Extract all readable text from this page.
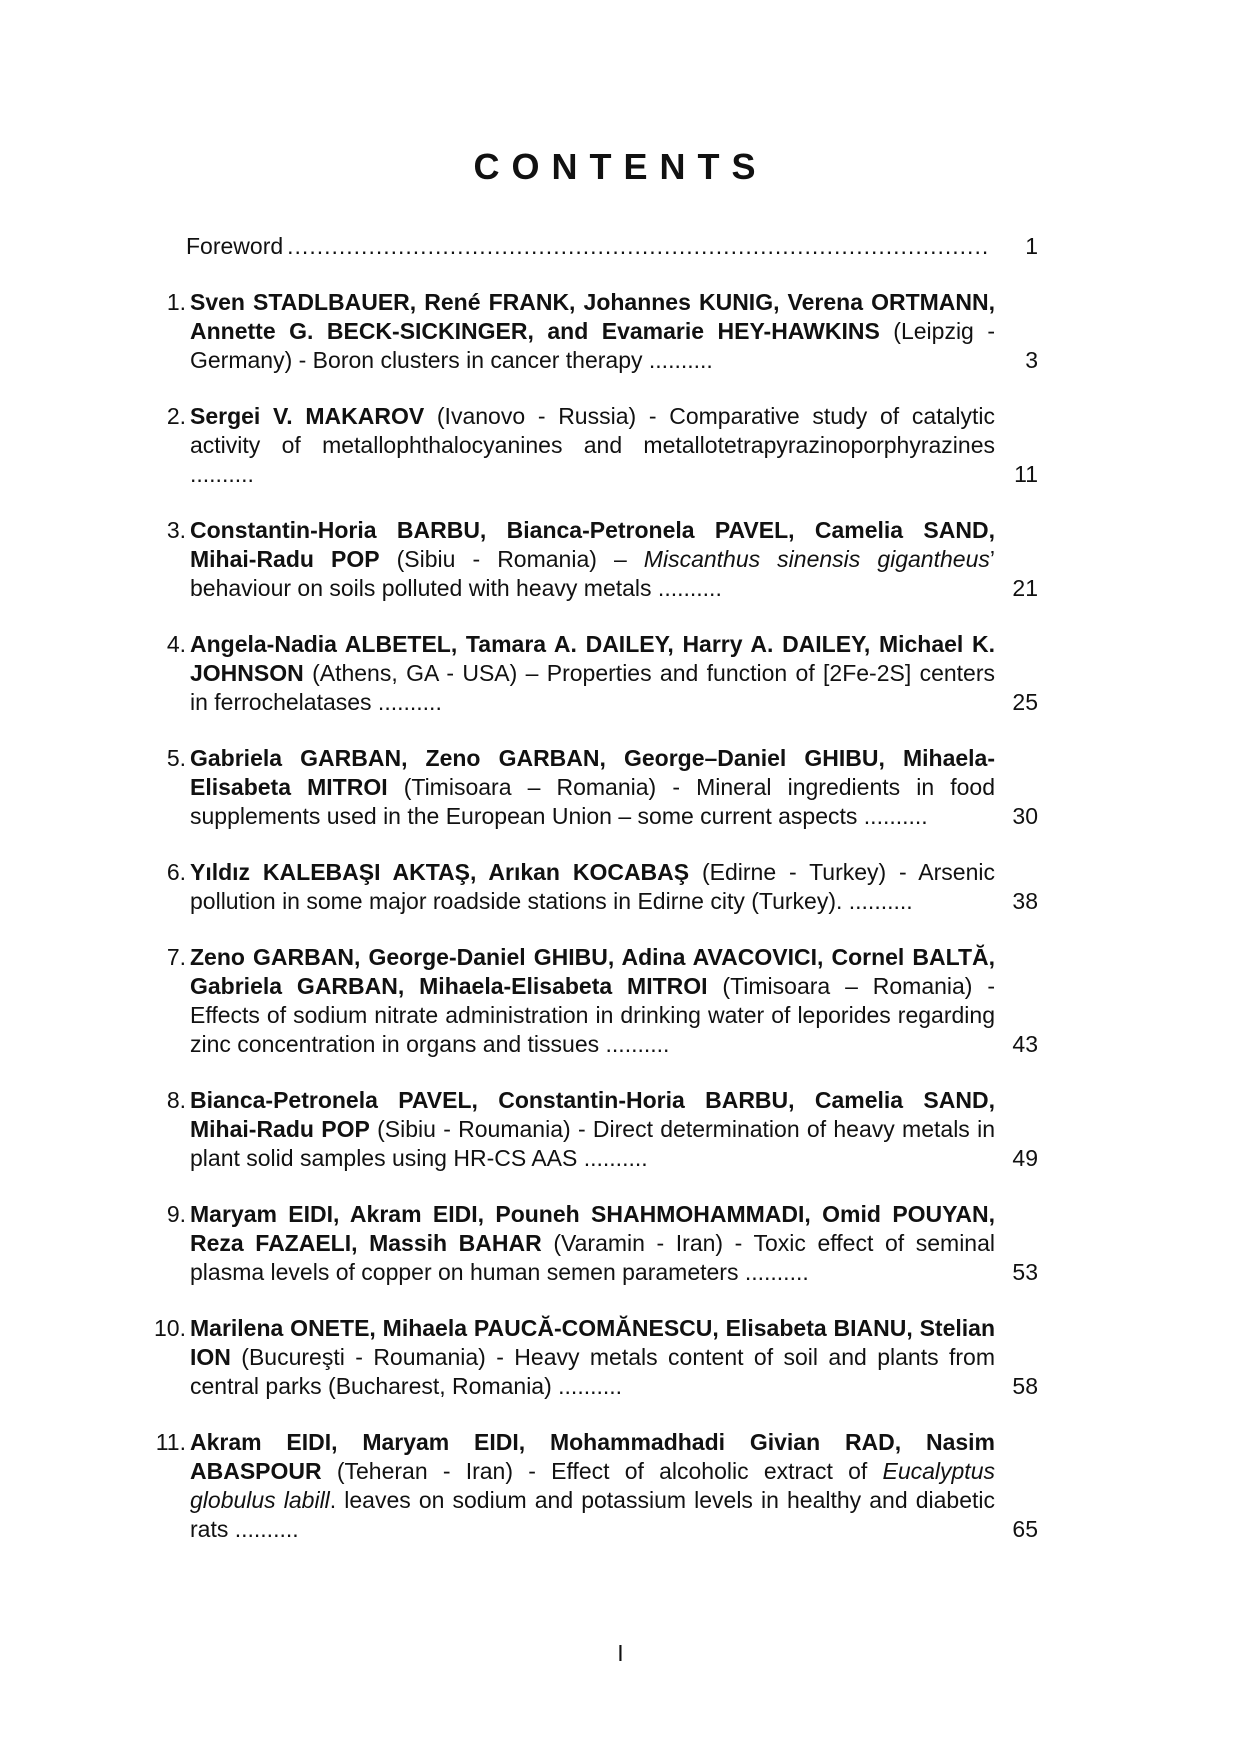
CONTENTS
Foreword .....	1
1. Sven STADLBAUER, René FRANK, Johannes KUNIG, Verena ORTMANN, Annette G. BECK-SICKINGER, and Evamarie HEY-HAWKINS (Leipzig - Germany) - Boron clusters in cancer therapy ..........	3
2. Sergei V. MAKAROV (Ivanovo - Russia) - Comparative study of catalytic activity of metallophthalocyanines and metallotetrapyrazinoporphyrazines ..........	11
3. Constantin-Horia BARBU, Bianca-Petronela PAVEL, Camelia SAND, Mihai-Radu POP (Sibiu - Romania) – Miscanthus sinensis gigantheus’ behaviour on soils polluted with heavy metals ..........	21
4. Angela-Nadia ALBETEL, Tamara A. DAILEY, Harry A. DAILEY, Michael K. JOHNSON (Athens, GA - USA) – Properties and function of [2Fe-2S] centers in ferrochelatases ..........	25
5. Gabriela GARBAN, Zeno GARBAN, George–Daniel GHIBU, Mihaela-Elisabeta MITROI (Timisoara – Romania) - Mineral ingredients in food supplements used in the European Union – some current aspects ..........	30
6. Yıldız KALEBAŞI AKTAŞ, Arıkan KOCABAŞ (Edirne - Turkey) - Arsenic pollution in some major roadside stations in Edirne city (Turkey). ..........	38
7. Zeno GARBAN, George-Daniel GHIBU, Adina AVACOVICI, Cornel BALTĂ, Gabriela GARBAN, Mihaela-Elisabeta MITROI (Timisoara – Romania) - Effects of sodium nitrate administration in drinking water of leporides regarding zinc concentration in organs and tissues ..........	43
8. Bianca-Petronela PAVEL, Constantin-Horia BARBU, Camelia SAND, Mihai-Radu POP (Sibiu - Roumania) - Direct determination of heavy metals in plant solid samples using HR-CS AAS ..........	49
9. Maryam EIDI, Akram EIDI, Pouneh SHAHMOHAMMADI, Omid POUYAN, Reza FAZAELI, Massih BAHAR (Varamin - Iran) - Toxic effect of seminal plasma levels of copper on human semen parameters ..........	53
10. Marilena ONETE, Mihaela PAUCĂ-COMĂNESCU, Elisabeta BIANU, Stelian ION (Bucureşti - Roumania) - Heavy metals content of soil and plants from central parks (Bucharest, Romania) ..........	58
11. Akram EIDI, Maryam EIDI, Mohammadhadi Givian RAD, Nasim ABASPOUR (Teheran - Iran) - Effect of alcoholic extract of Eucalyptus globulus labill. leaves on sodium and potassium levels in healthy and diabetic rats ..........	65
I
